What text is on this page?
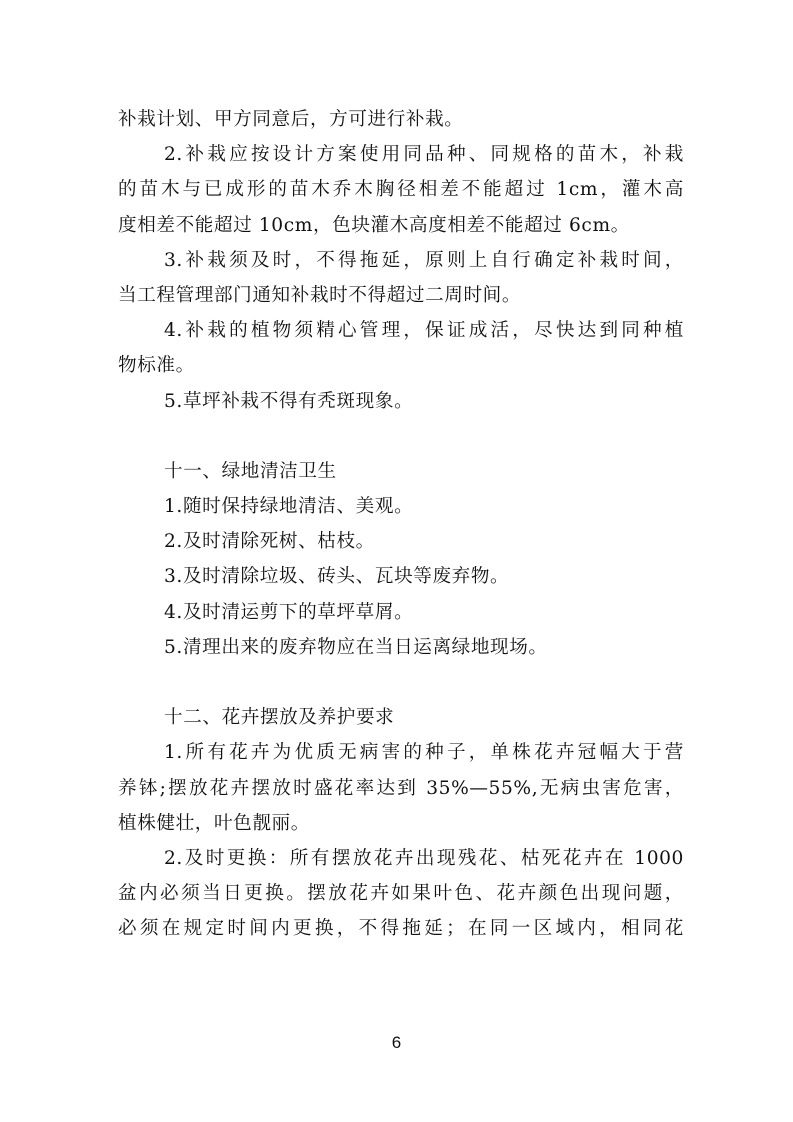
补栽计划、甲方同意后，方可进行补栽。
2.补栽应按设计方案使用同品种、同规格的苗木，补栽
的苗木与已成形的苗木乔木胸径相差不能超过 1cm，灌木高
度相差不能超过 10cm，色块灌木高度相差不能超过 6cm。
3.补栽须及时，不得拖延，原则上自行确定补栽时间，
当工程管理部门通知补栽时不得超过二周时间。
4.补栽的植物须精心管理，保证成活，尽快达到同种植
物标准。
5.草坪补栽不得有秃斑现象。
十一、绿地清洁卫生
1.随时保持绿地清洁、美观。
2.及时清除死树、枯枝。
3.及时清除垃圾、砖头、瓦块等废弃物。
4.及时清运剪下的草坪草屑。
5.清理出来的废弃物应在当日运离绿地现场。
十二、花卉摆放及养护要求
1.所有花卉为优质无病害的种子，单株花卉冠幅大于营
养钵;摆放花卉摆放时盛花率达到 35%—55%,无病虫害危害，
植株健壮，叶色靓丽。
2.及时更换：所有摆放花卉出现残花、枯死花卉在 1000
盆内必须当日更换。摆放花卉如果叶色、花卉颜色出现问题，
必须在规定时间内更换，不得拖延；在同一区域内，相同花
6
